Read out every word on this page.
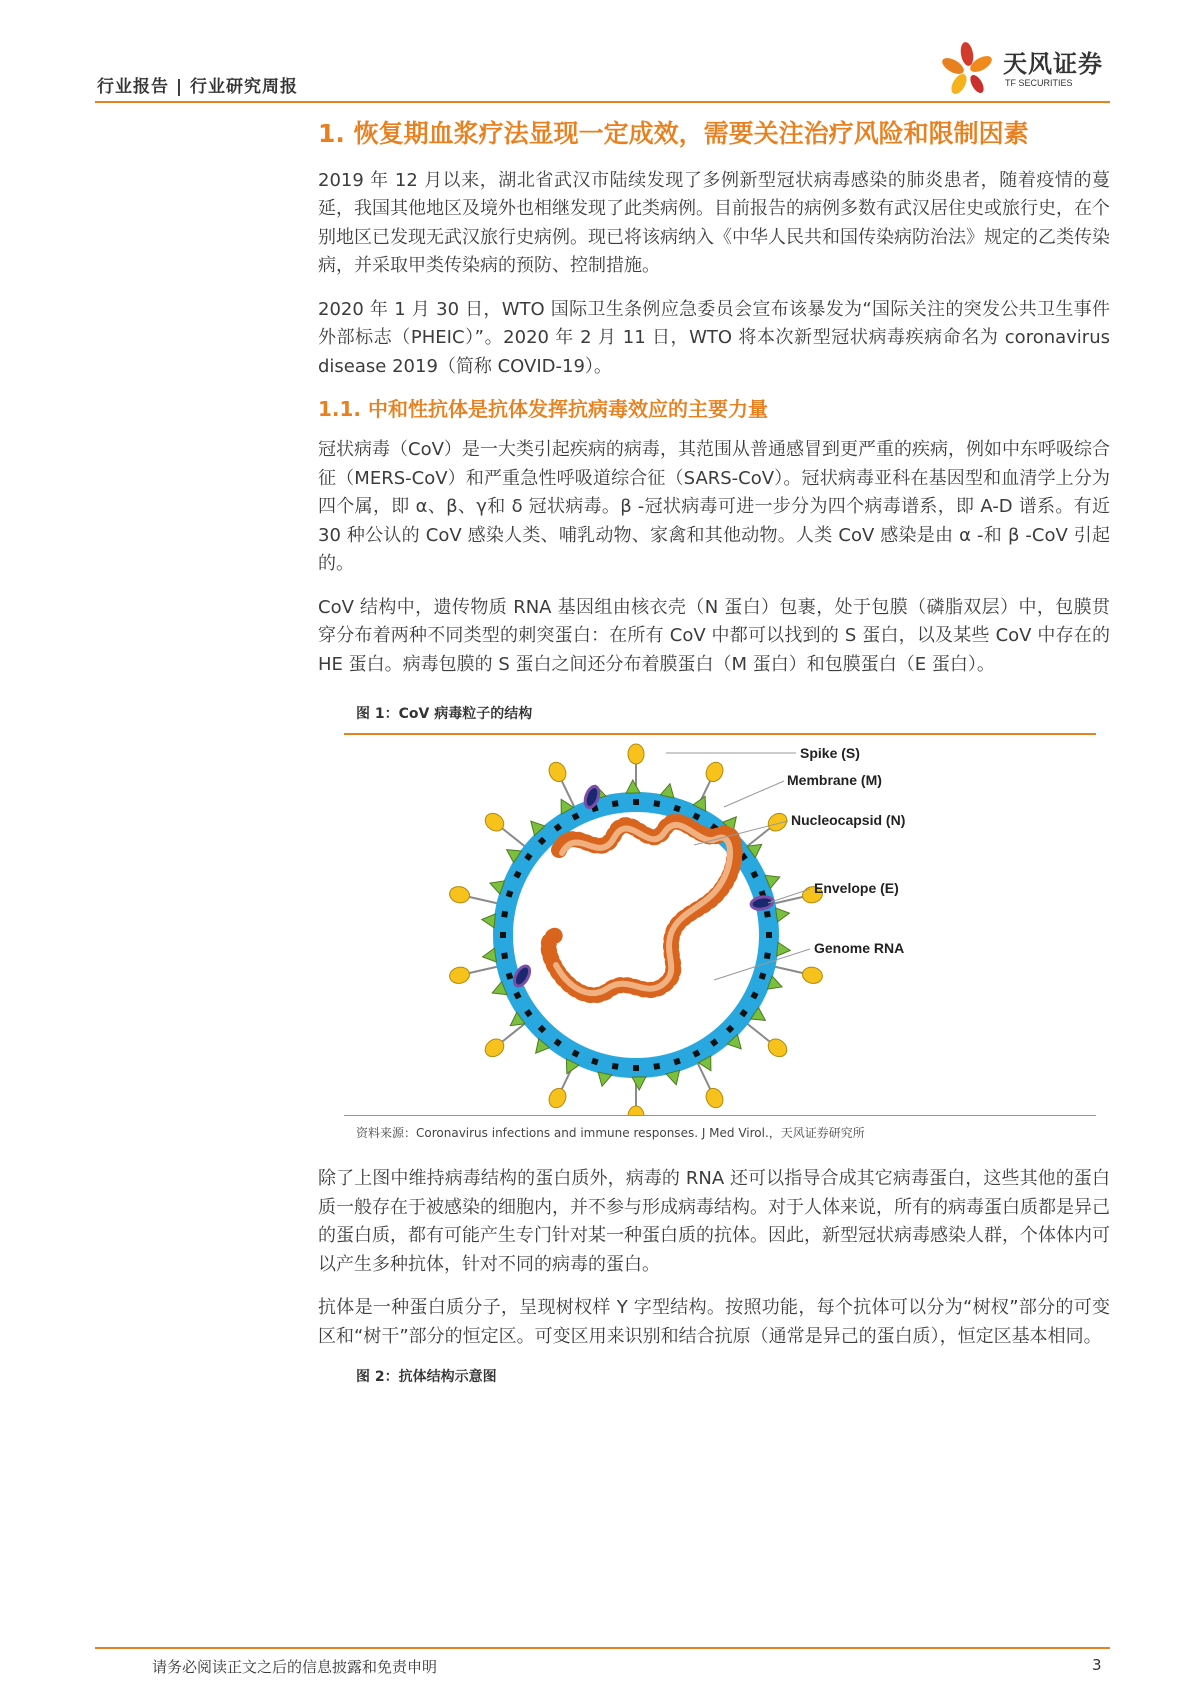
行业报告 | 行业研究周报
天风证券
TF SECURITIES
1. 恢复期血浆疗法显现一定成效，需要关注治疗风险和限制因素

2019 年 12 月以来，湖北省武汉市陆续发现了多例新型冠状病毒感染的肺炎患者，随着疫情的蔓延，我国其他地区及境外也相继发现了此类病例。目前报告的病例多数有武汉居住史或旅行史，在个别地区已发现无武汉旅行史病例。现已将该病纳入《中华人民共和国传染病防治法》规定的乙类传染病，并采取甲类传染病的预防、控制措施。

2020 年 1 月 30 日，WTO 国际卫生条例应急委员会宣布该暴发为“国际关注的突发公共卫生事件外部标志（PHEIC）”。2020 年 2 月 11 日，WTO 将本次新型冠状病毒疾病命名为 coronavirus disease 2019（简称 COVID-19）。

1.1. 中和性抗体是抗体发挥抗病毒效应的主要力量

冠状病毒（CoV）是一大类引起疾病的病毒，其范围从普通感冒到更严重的疾病，例如中东呼吸综合征（MERS-CoV）和严重急性呼吸道综合征（SARS-CoV）。冠状病毒亚科在基因型和血清学上分为四个属，即 α、β、γ和 δ 冠状病毒。β -冠状病毒可进一步分为四个病毒谱系，即 A-D 谱系。有近 30 种公认的 CoV 感染人类、哺乳动物、家禽和其他动物。人类 CoV 感染是由 α -和 β -CoV 引起的。

CoV 结构中，遗传物质 RNA 基因组由核衣壳（N 蛋白）包裹，处于包膜（磷脂双层）中，包膜贯穿分布着两种不同类型的刺突蛋白：在所有 CoV 中都可以找到的 S 蛋白，以及某些 CoV 中存在的 HE 蛋白。病毒包膜的 S 蛋白之间还分布着膜蛋白（M 蛋白）和包膜蛋白（E 蛋白）。

图 1：CoV 病毒粒子的结构
Spike (S)
Membrane (M)
Nucleocapsid (N)
Envelope (E)
Genome RNA
资料来源：Coronavirus infections and immune responses. J Med Virol.，天风证券研究所

除了上图中维持病毒结构的蛋白质外，病毒的 RNA 还可以指导合成其它病毒蛋白，这些其他的蛋白质一般存在于被感染的细胞内，并不参与形成病毒结构。对于人体来说，所有的病毒蛋白质都是异己的蛋白质，都有可能产生专门针对某一种蛋白质的抗体。因此，新型冠状病毒感染人群，个体体内可以产生多种抗体，针对不同的病毒的蛋白。

抗体是一种蛋白质分子，呈现树杈样 Y 字型结构。按照功能，每个抗体可以分为“树杈”部分的可变区和“树干”部分的恒定区。可变区用来识别和结合抗原（通常是异己的蛋白质），恒定区基本相同。

图 2：抗体结构示意图
请务必阅读正文之后的信息披露和免责申明	3
